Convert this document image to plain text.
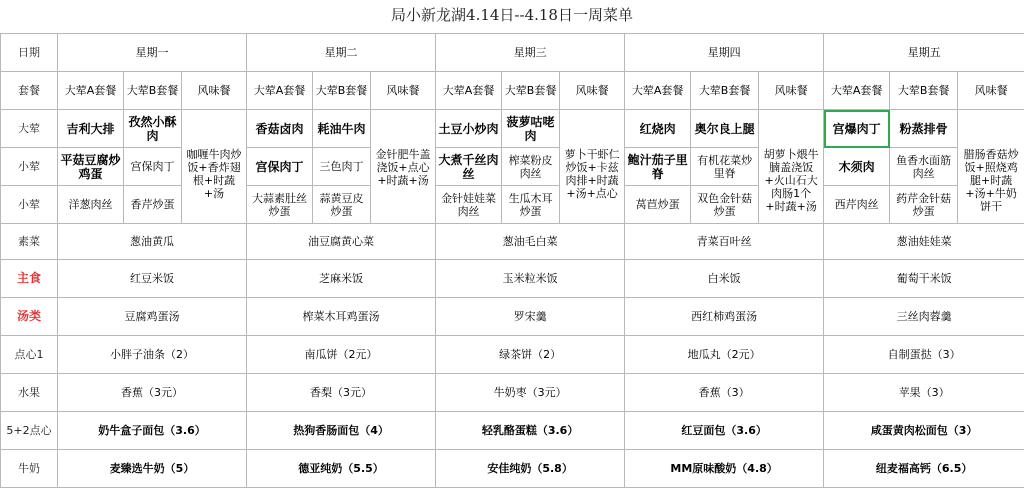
局小新龙湖4.14日--4.18日一周菜单
日期	星期一			星期二			星期三			星期四			星期五		
套餐	大荤A套餐	大荤B套餐	风味餐	大荤A套餐	大荤B套餐	风味餐	大荤A套餐	大荤B套餐	风味餐	大荤A套餐	大荤B套餐	风味餐	大荤A套餐	大荤B套餐	风味餐
大荤	吉利大排	孜然小酥肉		香菇卤肉	耗油牛肉		土豆小炒肉	菠萝咕咾肉		红烧肉	奥尔良上腿		宫爆肉丁	粉蒸排骨	
小荤	平菇豆腐炒鸡蛋	宫保肉丁	咖喱牛肉炒饭+香炸翅根+时蔬+汤	宫保肉丁	三色肉丁	金针肥牛盖浇饭+点心+时蔬+汤	大煮千丝肉丝	榨菜粉皮肉丝	萝卜干虾仁炒饭+卡兹肉排+时蔬+汤+点心	鲍汁茄子里脊	有机花菜炒里脊	胡萝卜煨牛腩盖浇饭+火山石大肉肠1个+时蔬+汤	木须肉	鱼香水面筋肉丝	腊肠香菇炒饭+照烧鸡腿+时蔬+汤+牛奶饼干
小荤	洋葱肉丝	香芹炒蛋		大蒜素肚丝炒蛋	蒜黄豆皮炒蛋		金针娃娃菜肉丝	生瓜木耳炒蛋		莴苣炒蛋	双色金针菇炒蛋		西芹肉丝	药芹金针菇炒蛋	
素菜	葱油黄瓜			油豆腐黄心菜			葱油毛白菜			青菜百叶丝			葱油娃娃菜		
主食	红豆米饭			芝麻米饭			玉米粒米饭			白米饭			葡萄干米饭		
汤类	豆腐鸡蛋汤			榨菜木耳鸡蛋汤			罗宋羹			西红柿鸡蛋汤			三丝肉蓉羹		
点心1	小胖子油条（2）			南瓜饼（2元）			绿茶饼（2）			地瓜丸（2元）			自制蛋挞（3）		
水果	香蕉（3元）			香梨（3元）			牛奶枣（3元）			香蕉（3）			苹果（3）		
5+2点心	奶牛盒子面包（3.6）			热狗香肠面包（4）			轻乳酪蛋糕（3.6）			红豆面包（3.6）			咸蛋黄肉松面包（3）		
牛奶	麦臻选牛奶（5）			德亚纯奶（5.5）			安佳纯奶（5.8）			MM原味酸奶（4.8）			纽麦福高钙（6.5）		
